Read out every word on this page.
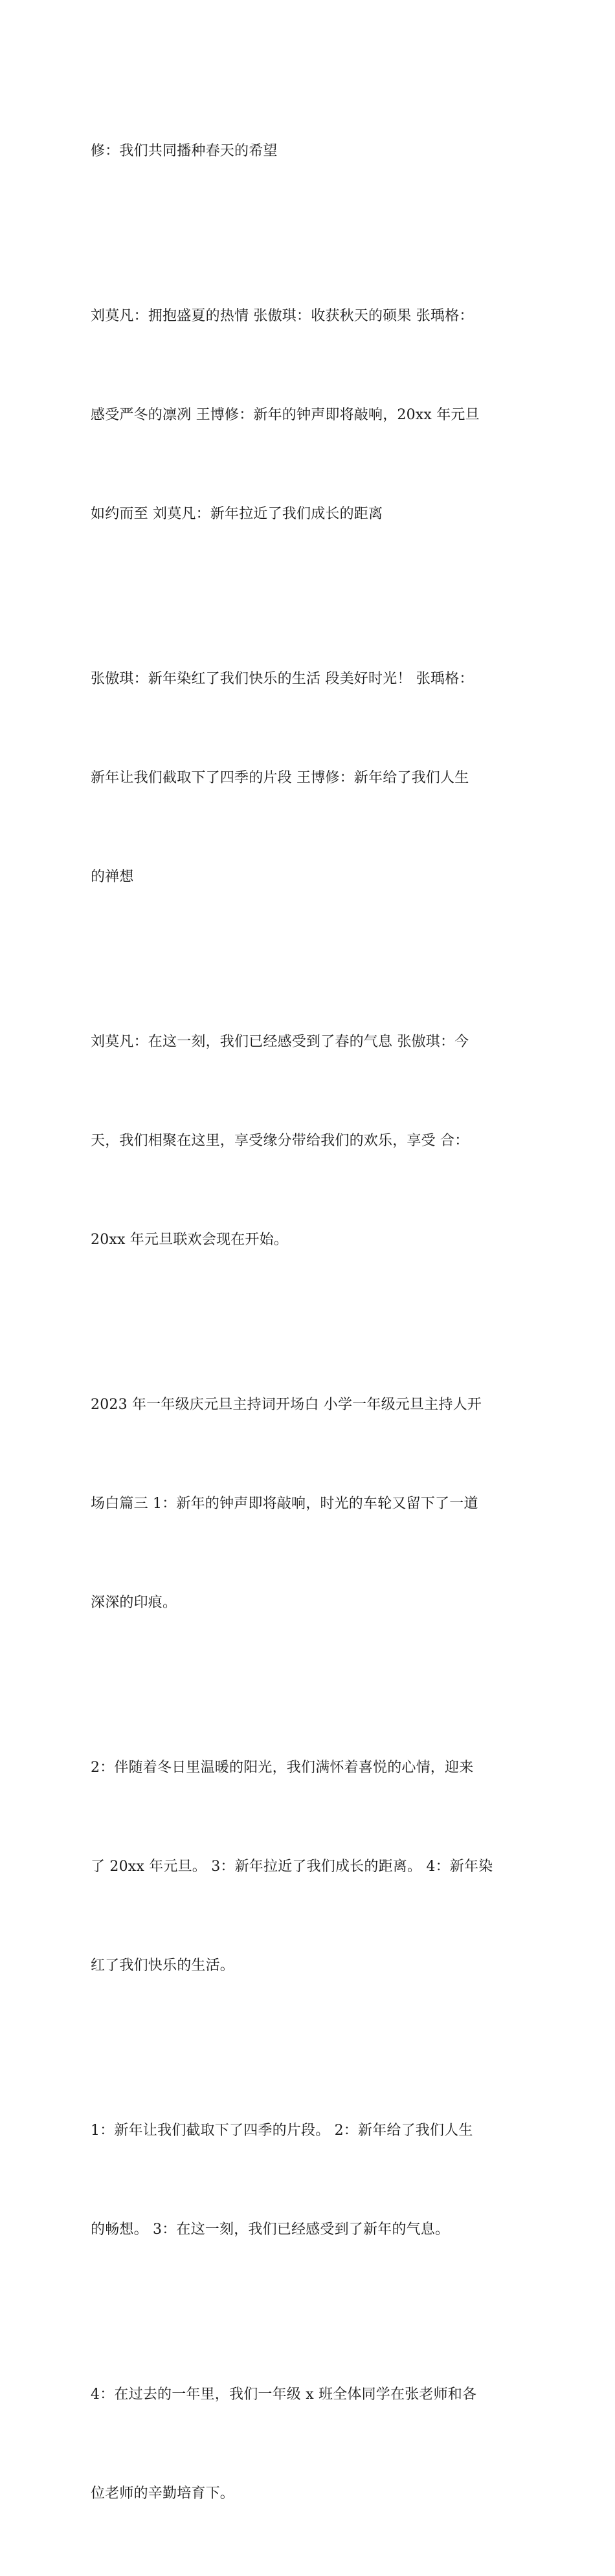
修：我们共同播种春天的希望

刘莫凡：拥抱盛夏的热情 张傲琪：收获秋天的硕果 张瑀格：

感受严冬的凛冽 王博修：新年的钟声即将敲响，20xx 年元旦

如约而至 刘莫凡：新年拉近了我们成长的距离

张傲琪：新年染红了我们快乐的生活 段美好时光！ 张瑀格：

新年让我们截取下了四季的片段 王博修：新年给了我们人生

的禅想

刘莫凡：在这一刻，我们已经感受到了春的气息 张傲琪：今

天，我们相聚在这里，享受缘分带给我们的欢乐，享受 合：

20xx 年元旦联欢会现在开始。

2023 年一年级庆元旦主持词开场白 小学一年级元旦主持人开

场白篇三 1：新年的钟声即将敲响，时光的车轮又留下了一道

深深的印痕。

2：伴随着冬日里温暖的阳光，我们满怀着喜悦的心情，迎来

了 20xx 年元旦。 3：新年拉近了我们成长的距离。 4：新年染

红了我们快乐的生活。

1：新年让我们截取下了四季的片段。 2：新年给了我们人生

的畅想。 3：在这一刻，我们已经感受到了新年的气息。

4：在过去的一年里，我们一年级 x 班全体同学在张老师和各

位老师的辛勤培育下。
